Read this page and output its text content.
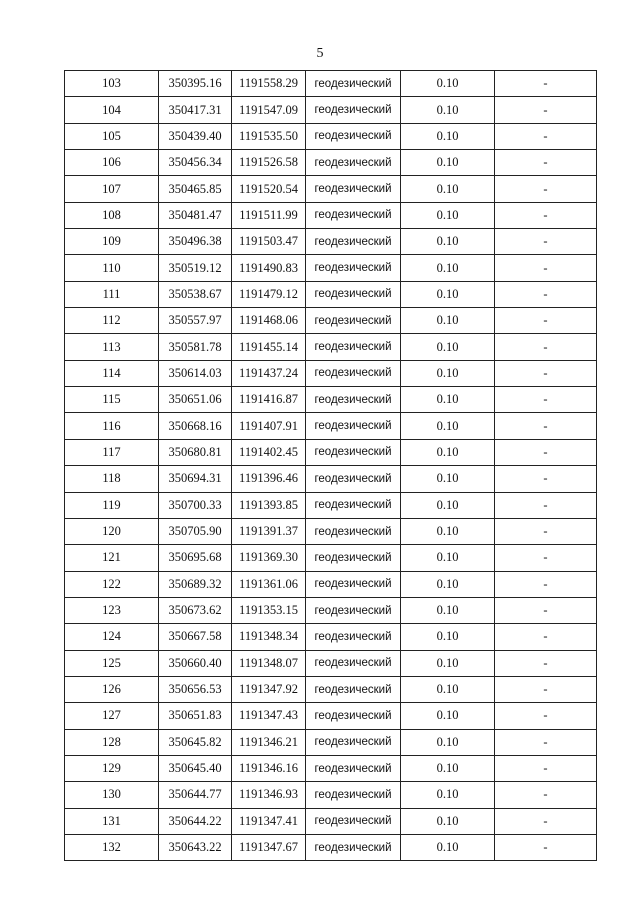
5
103	350395.16	1191558.29	геодезический	0.10	-
104	350417.31	1191547.09	геодезический	0.10	-
105	350439.40	1191535.50	геодезический	0.10	-
106	350456.34	1191526.58	геодезический	0.10	-
107	350465.85	1191520.54	геодезический	0.10	-
108	350481.47	1191511.99	геодезический	0.10	-
109	350496.38	1191503.47	геодезический	0.10	-
110	350519.12	1191490.83	геодезический	0.10	-
111	350538.67	1191479.12	геодезический	0.10	-
112	350557.97	1191468.06	геодезический	0.10	-
113	350581.78	1191455.14	геодезический	0.10	-
114	350614.03	1191437.24	геодезический	0.10	-
115	350651.06	1191416.87	геодезический	0.10	-
116	350668.16	1191407.91	геодезический	0.10	-
117	350680.81	1191402.45	геодезический	0.10	-
118	350694.31	1191396.46	геодезический	0.10	-
119	350700.33	1191393.85	геодезический	0.10	-
120	350705.90	1191391.37	геодезический	0.10	-
121	350695.68	1191369.30	геодезический	0.10	-
122	350689.32	1191361.06	геодезический	0.10	-
123	350673.62	1191353.15	геодезический	0.10	-
124	350667.58	1191348.34	геодезический	0.10	-
125	350660.40	1191348.07	геодезический	0.10	-
126	350656.53	1191347.92	геодезический	0.10	-
127	350651.83	1191347.43	геодезический	0.10	-
128	350645.82	1191346.21	геодезический	0.10	-
129	350645.40	1191346.16	геодезический	0.10	-
130	350644.77	1191346.93	геодезический	0.10	-
131	350644.22	1191347.41	геодезический	0.10	-
132	350643.22	1191347.67	геодезический	0.10	-
